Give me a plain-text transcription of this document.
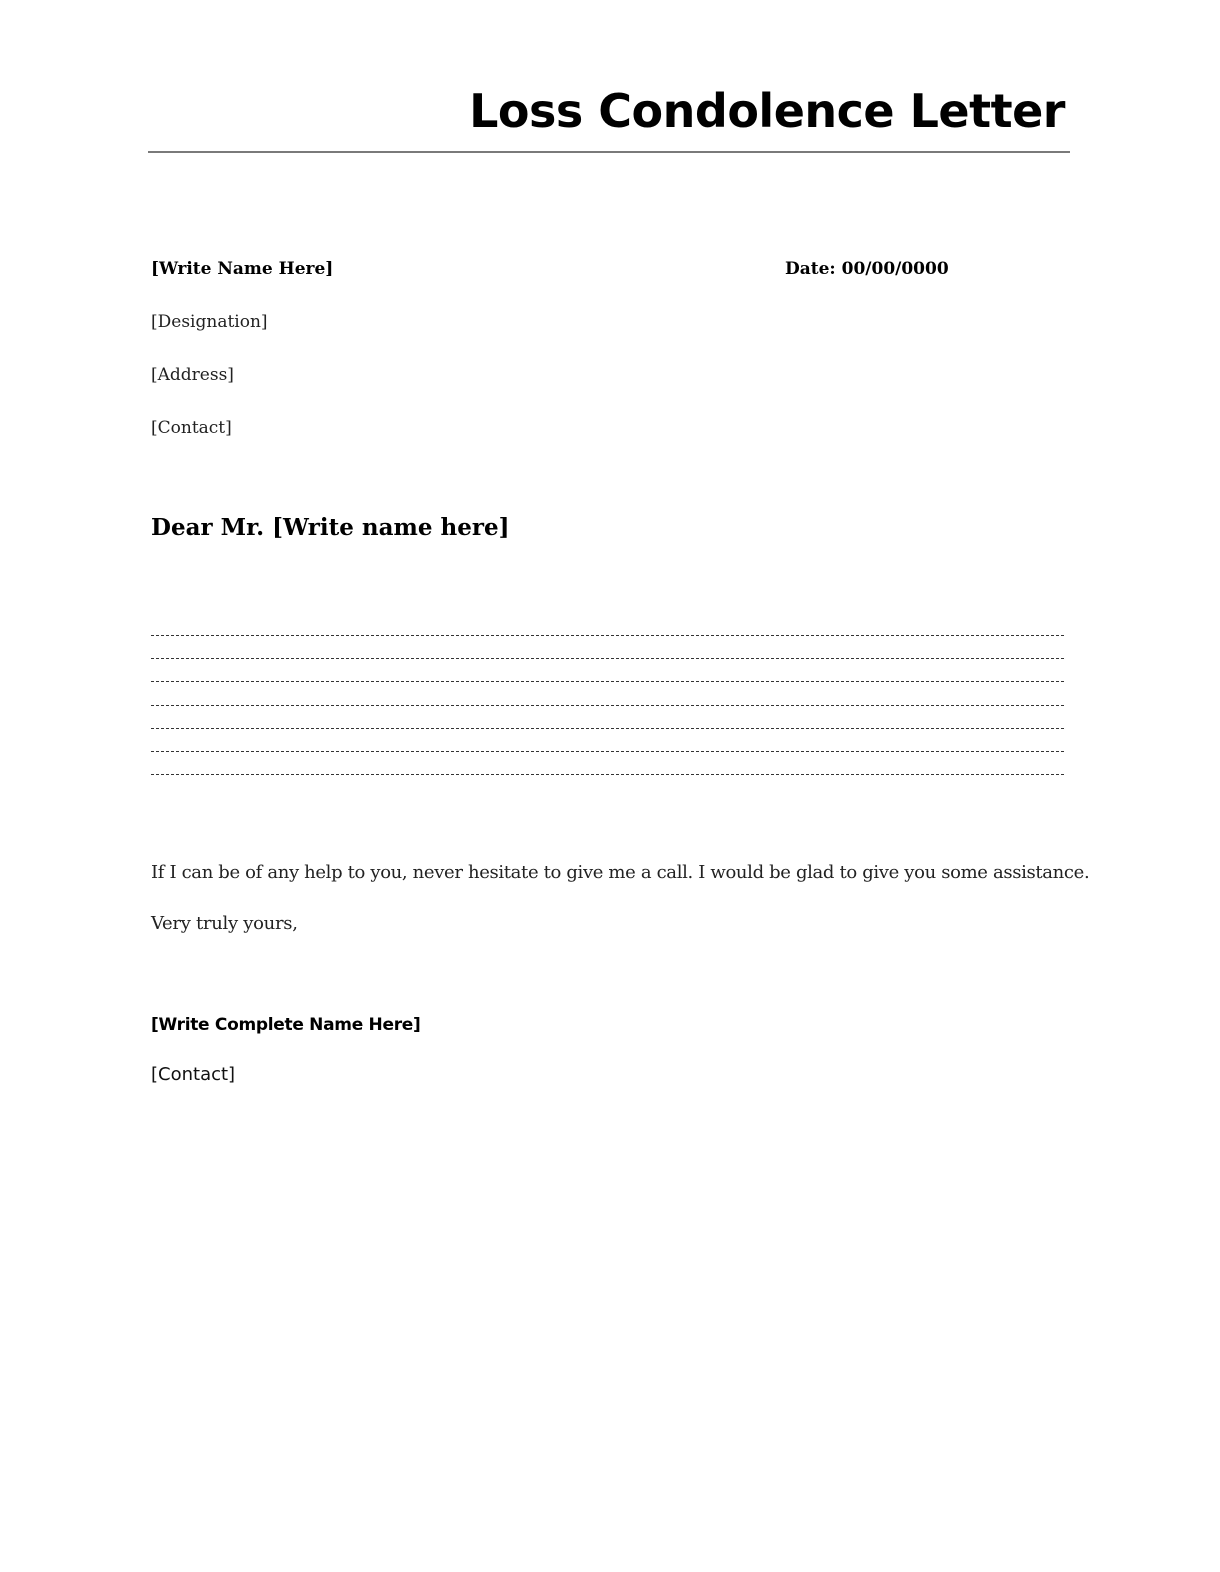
Loss Condolence Letter
[Write Name Here]	Date: 00/00/0000
[Designation]
[Address]
[Contact]
Dear Mr. [Write name here]
If I can be of any help to you, never hesitate to give me a call. I would be glad to give you some assistance.
Very truly yours,
[Write Complete Name Here]
[Contact]
